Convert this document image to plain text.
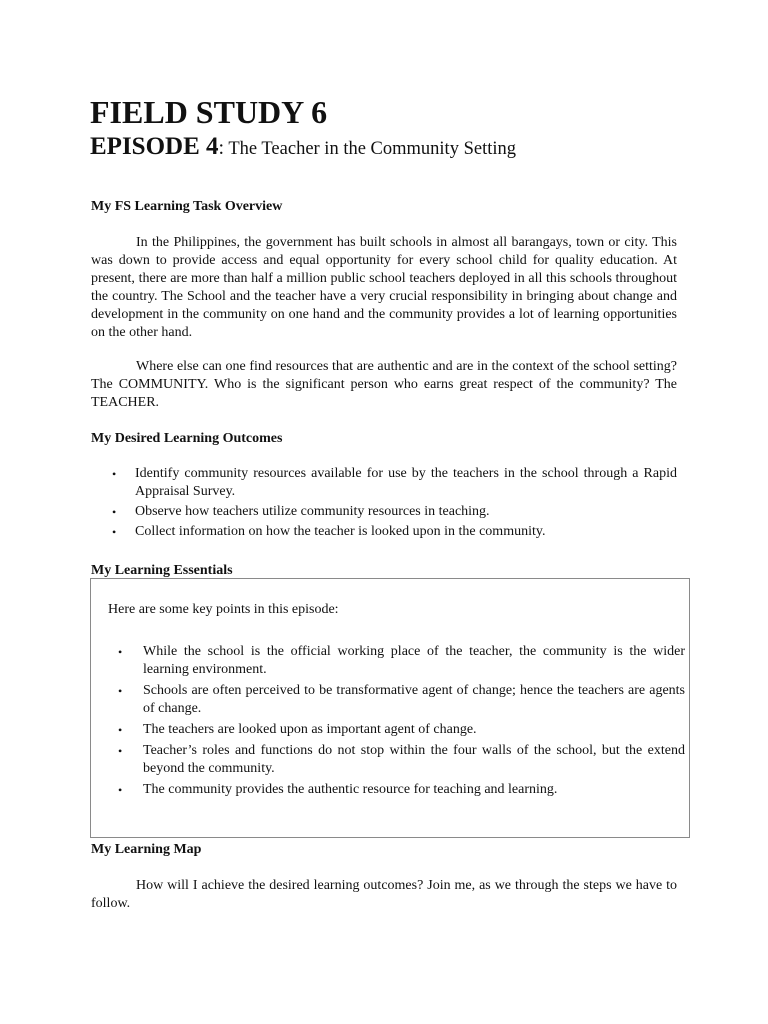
FIELD STUDY 6
EPISODE 4: The Teacher in the Community Setting
My FS Learning Task Overview

In the Philippines, the government has built schools in almost all barangays, town or city. This was down to provide access and equal opportunity for every school child for quality education. At present, there are more than half a million public school teachers deployed in all this schools throughout the country. The School and the teacher have a very crucial responsibility in bringing about change and development in the community on one hand and the community provides a lot of learning opportunities on the other hand.

Where else can one find resources that are authentic and are in the context of the school setting? The COMMUNITY. Who is the significant person who earns great respect of the community? The TEACHER.

My Desired Learning Outcomes
• Identify community resources available for use by the teachers in the school through a Rapid Appraisal Survey.
• Observe how teachers utilize community resources in teaching.
• Collect information on how the teacher is looked upon in the community.
My Learning Essentials

Here are some key points in this episode:

• While the school is the official working place of the teacher, the community is the wider learning environment.
• Schools are often perceived to be transformative agent of change; hence the teachers are agents of change.
• The teachers are looked upon as important agent of change.
• Teacher’s roles and functions do not stop within the four walls of the school, but the extend beyond the community.
• The community provides the authentic resource for teaching and learning.
My Learning Map

How will I achieve the desired learning outcomes? Join me, as we through the steps we have to follow.
